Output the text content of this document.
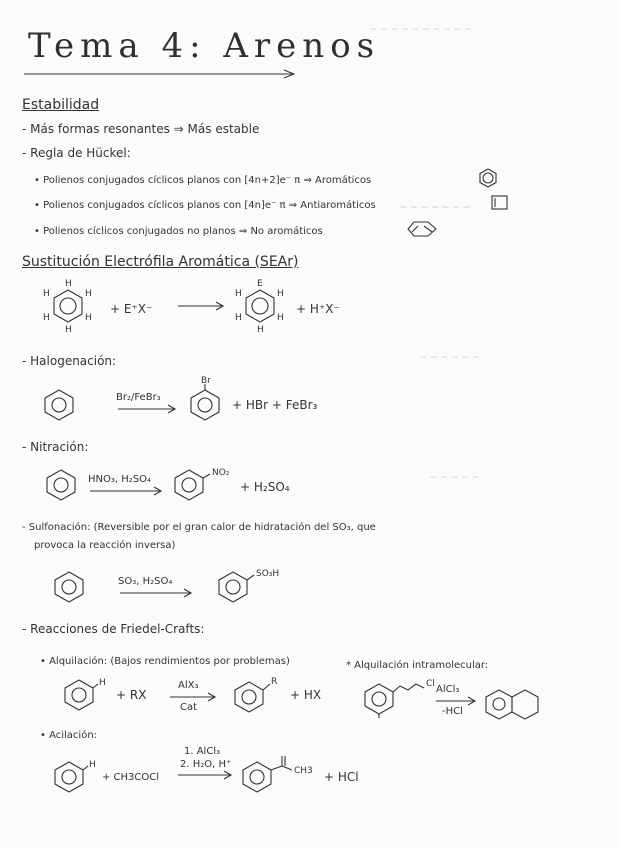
‒ ‒ ‒ ‒ ‒ ‒ ‒ ‒ ‒ ‒
‒ ‒ ‒ ‒ ‒ ‒ ‒
‒ ‒ ‒ ‒ ‒ ‒
‒ ‒ ‒ ‒ ‒
Tema 4: Arenos
Estabilidad
- Más formas resonantes ⇒ Más estable
- Regla de Hückel:
• Polienos conjugados cíclicos planos con [4n+2]e⁻ π ⇒ Aromáticos
• Polienos conjugados cíclicos planos con [4n]e⁻ π ⇒ Antiaromáticos
• Polienos cíclicos conjugados no planos ⇒ No aromáticos
Sustitución Electrófila Aromática (SEAr)
H
H
H
H
H
H
+ E⁺X⁻ →
E
H
H
H
H
H
+ H⁺X⁻
- Halogenación:
Br₂/FeBr₃
Br
+ HBr + FeBr₃
- Nitración:
HNO₃, H₂SO₄
NO₂
+ H₂SO₄
- Sulfonación: (Reversible por el gran calor de hidratación del SO₃, que
provoca la reacción inversa)
SO₃, H₂SO₄
SO₃H
- Reacciones de Friedel-Crafts:
• Alquilación: (Bajos rendimientos por problemas)	* Alquilación intramolecular:
H
+ RX
AlX₃
Cat
R
+ HX
Cl AlCl₃
-HCl
• Acilación:
H
+ CH3COCl
1. AlCl₃
2. H₂O, H⁺
CH3 + HCl
